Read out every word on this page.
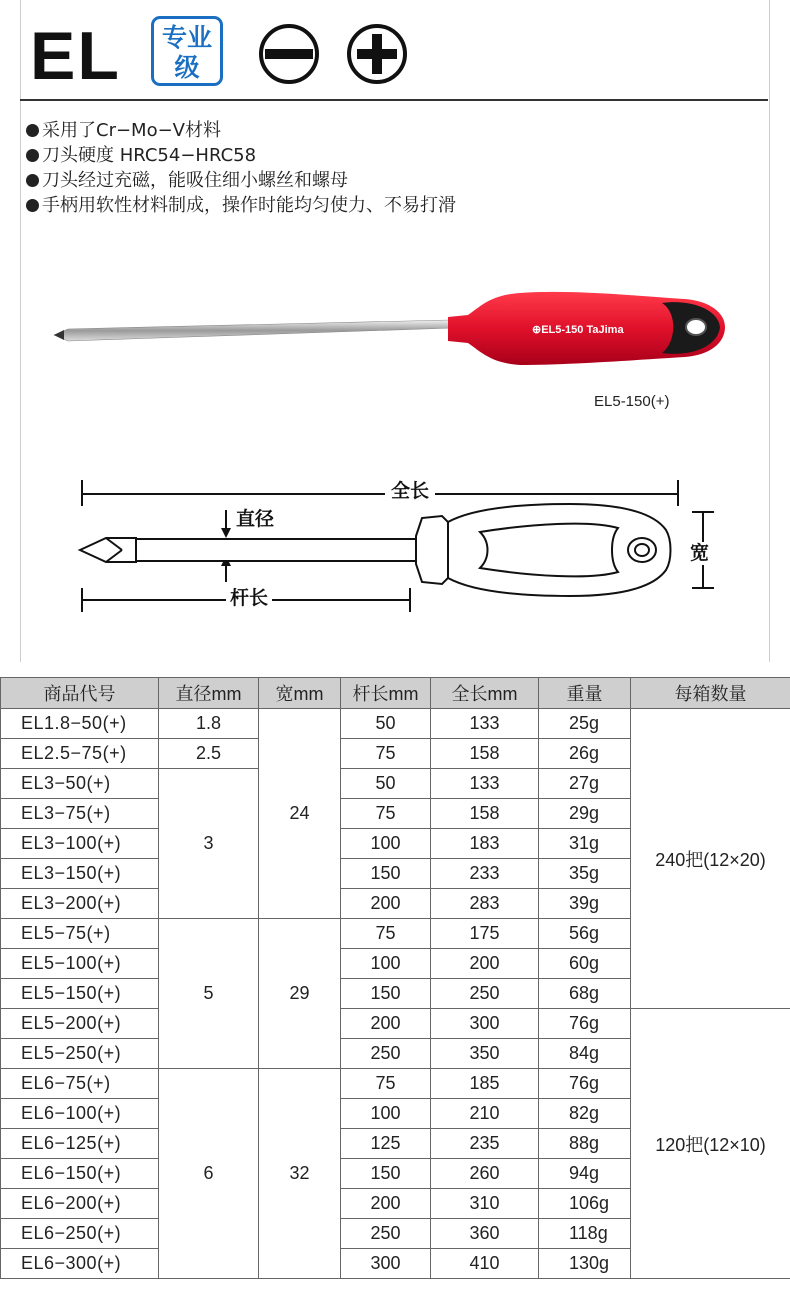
EL	专业
级
采用了Cr−Mo−V材料
刀头硬度 HRC54−HRC58
刀头经过充磁，能吸住细小螺丝和螺母
手柄用软性材料制成，操作时能均匀使力、不易打滑
⊕EL5-150 TaJima
EL5-150(+)
全长
直径
杆长
宽
商品代号	直径mm	宽mm	杆长mm	全长mm	重量	每箱数量
EL1.8−50(+)	1.8	24	50	133	25g	240把(12×20)
EL2.5−75(+)	2.5		75	158	26g	
EL3−50(+)	3		50	133	27g	
EL3−75(+)			75	158	29g	
EL3−100(+)			100	183	31g	
EL3−150(+)			150	233	35g	
EL3−200(+)			200	283	39g	
EL5−75(+)	5	29	75	175	56g	
EL5−100(+)			100	200	60g	
EL5−150(+)			150	250	68g	
EL5−200(+)			200	300	76g	120把(12×10)
EL5−250(+)			250	350	84g	
EL6−75(+)	6	32	75	185	76g	
EL6−100(+)			100	210	82g	
EL6−125(+)			125	235	88g	
EL6−150(+)			150	260	94g	
EL6−200(+)			200	310	106g	
EL6−250(+)			250	360	118g	
EL6−300(+)			300	410	130g	
